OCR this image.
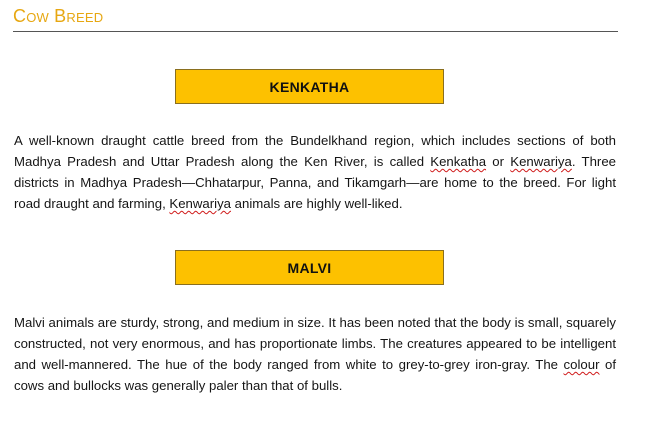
Cow Breed
KENKATHA

A well-known draught cattle breed from the Bundelkhand region, which includes sections of both Madhya Pradesh and Uttar Pradesh along the Ken River, is called Kenkatha or Kenwariya. Three districts in Madhya Pradesh—Chhatarpur, Panna, and Tikamgarh—are home to the breed. For light road draught and farming, Kenwariya animals are highly well-liked.

MALVI

Malvi animals are sturdy, strong, and medium in size. It has been noted that the body is small, squarely constructed, not very enormous, and has proportionate limbs. The creatures appeared to be intelligent and well-mannered. The hue of the body ranged from white to grey-to-grey iron-gray. The colour of cows and bullocks was generally paler than that of bulls.
